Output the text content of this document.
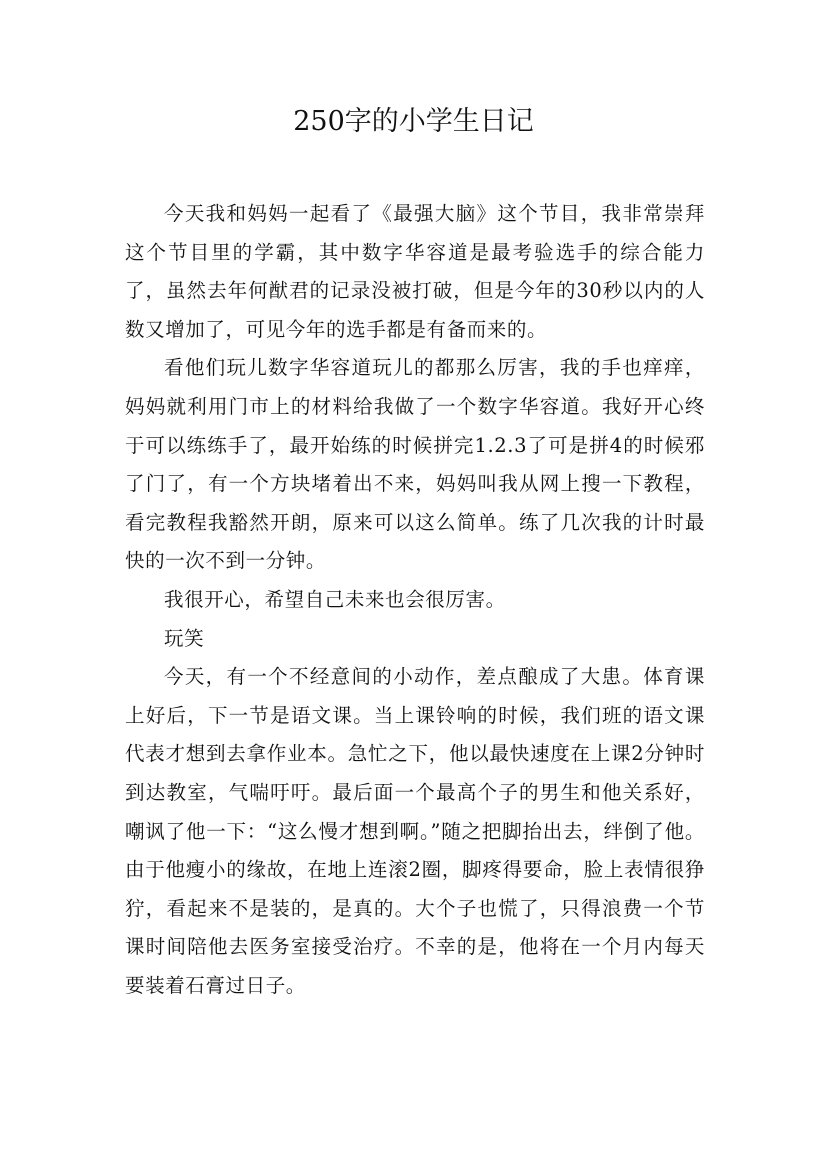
250字的小学生日记

今天我和妈妈一起看了《最强大脑》这个节目，我非常崇拜这个节目里的学霸，其中数字华容道是最考验选手的综合能力了，虽然去年何猷君的记录没被打破，但是今年的30秒以内的人数又增加了，可见今年的选手都是有备而来的。

看他们玩儿数字华容道玩儿的都那么厉害，我的手也痒痒，妈妈就利用门市上的材料给我做了一个数字华容道。我好开心终于可以练练手了，最开始练的时候拼完1.2.3了可是拼4的时候邪了门了，有一个方块堵着出不来，妈妈叫我从网上搜一下教程，看完教程我豁然开朗，原来可以这么简单。练了几次我的计时最快的一次不到一分钟。

我很开心，希望自己未来也会很厉害。

玩笑

今天，有一个不经意间的小动作，差点酿成了大患。体育课上好后，下一节是语文课。当上课铃响的时候，我们班的语文课代表才想到去拿作业本。急忙之下，他以最快速度在上课2分钟时到达教室，气喘吁吁。最后面一个最高个子的男生和他关系好，嘲讽了他一下：“这么慢才想到啊。”随之把脚抬出去，绊倒了他。由于他瘦小的缘故，在地上连滚2圈，脚疼得要命，脸上表情很狰狞，看起来不是装的，是真的。大个子也慌了，只得浪费一个节课时间陪他去医务室接受治疗。不幸的是，他将在一个月内每天要装着石膏过日子。
